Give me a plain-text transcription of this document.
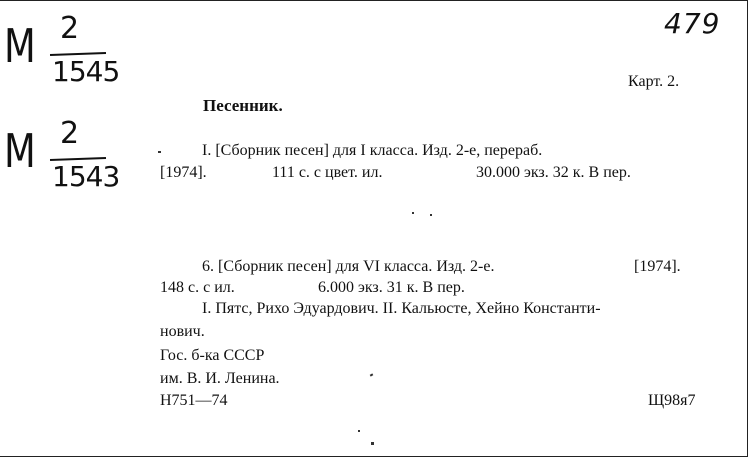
М 2
1545
М 2
1543
479
Карт. 2.
Песенник.
I. [Сборник песен] для I класса. Изд. 2-е, перераб.
[1974].	111 с. с цвет. ил.	30.000 экз. 32 к. В пер.
6. [Сборник песен] для VI класса. Изд. 2-е.	[1974].
148 с. с ил.	6.000 экз. 31 к. В пер.
I. Пятс, Рихо Эдуардович. II. Кальюсте, Хейно Константи-
нович.
Гос. б-ка СССР
им. В. И. Ленина.
Н751—74	Щ98я7
